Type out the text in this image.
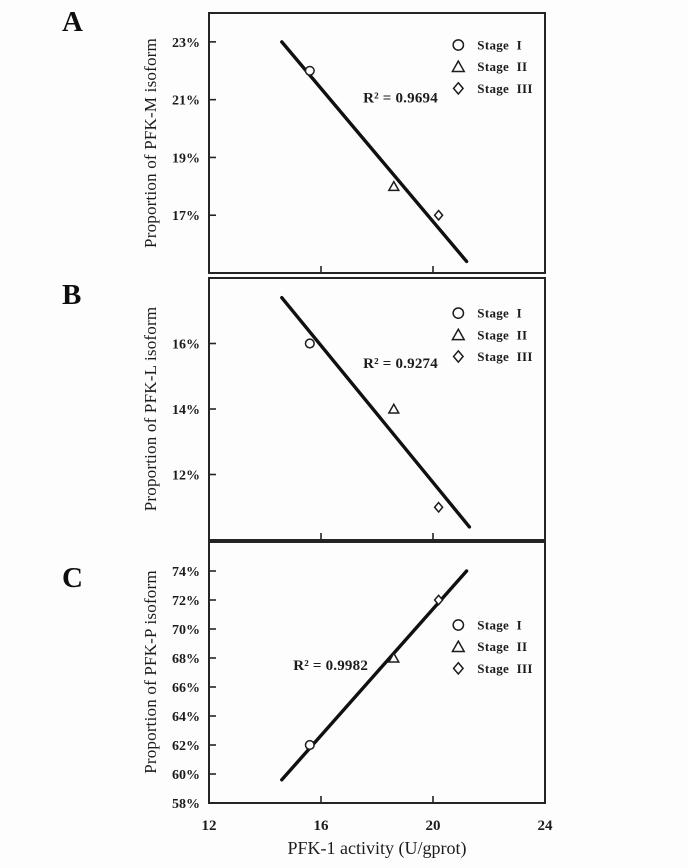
A
B
C
Proportion of PFK-M isoform
Proportion of PFK-L isoform
Proportion of PFK-P isoform
23%
21%
19%
17%
R² = 0.9694
Stage I
Stage II
Stage III
16%
14%
12%
R² = 0.9274
Stage I
Stage II
Stage III
74%
72%
70%
68%
66%
64%
62%
60%
58%
R² = 0.9982
Stage I
Stage II
Stage III
12	16	20	24
PFK-1 activity (U/gprot)
